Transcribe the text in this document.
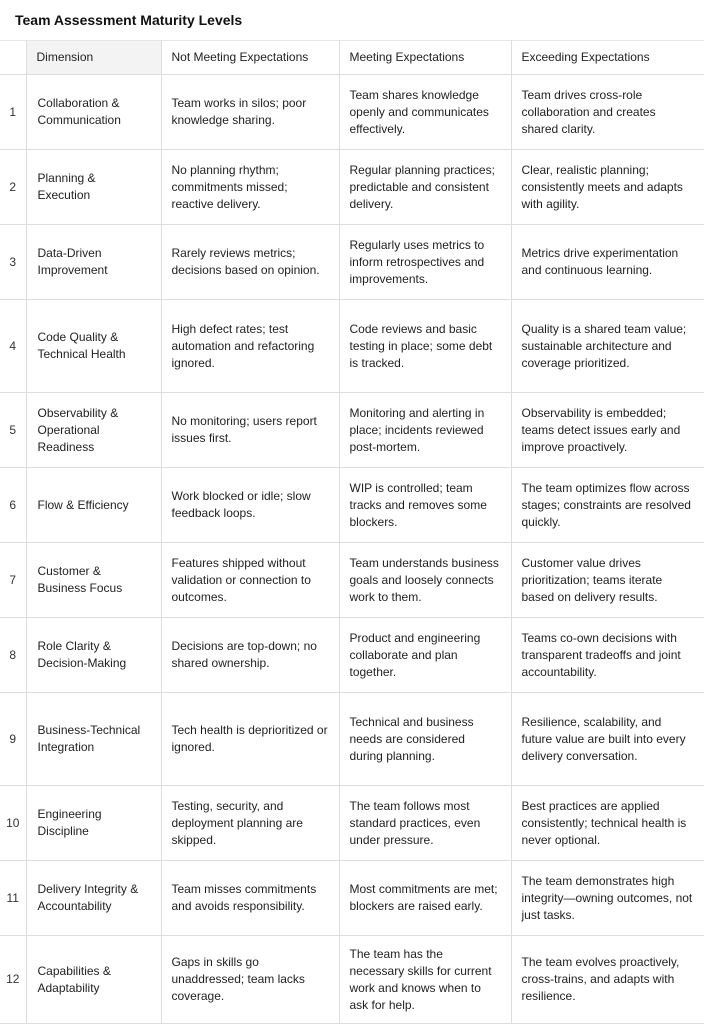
Team Assessment Maturity Levels
	Dimension	Not Meeting Expectations	Meeting Expectations	Exceeding Expectations
1	Collaboration & Communication	Team works in silos; poor knowledge sharing.	Team shares knowledge openly and communicates effectively.	Team drives cross-role collaboration and creates shared clarity.
2	Planning & Execution	No planning rhythm; commitments missed; reactive delivery.	Regular planning practices; predictable and consistent delivery.	Clear, realistic planning; consistently meets and adapts with agility.
3	Data-Driven Improvement	Rarely reviews metrics; decisions based on opinion.	Regularly uses metrics to inform retrospectives and improvements.	Metrics drive experimentation and continuous learning.
4	Code Quality & Technical Health	High defect rates; test automation and refactoring ignored.	Code reviews and basic testing in place; some debt is tracked.	Quality is a shared team value; sustainable architecture and coverage prioritized.
5	Observability & Operational Readiness	No monitoring; users report issues first.	Monitoring and alerting in place; incidents reviewed post-mortem.	Observability is embedded; teams detect issues early and improve proactively.
6	Flow & Efficiency	Work blocked or idle; slow feedback loops.	WIP is controlled; team tracks and removes some blockers.	The team optimizes flow across stages; constraints are resolved quickly.
7	Customer & Business Focus	Features shipped without validation or connection to outcomes.	Team understands business goals and loosely connects work to them.	Customer value drives prioritization; teams iterate based on delivery results.
8	Role Clarity & Decision-Making	Decisions are top-down; no shared ownership.	Product and engineering collaborate and plan together.	Teams co-own decisions with transparent tradeoffs and joint accountability.
9	Business-Technical Integration	Tech health is deprioritized or ignored.	Technical and business needs are considered during planning.	Resilience, scalability, and future value are built into every delivery conversation.
10	Engineering Discipline	Testing, security, and deployment planning are skipped.	The team follows most standard practices, even under pressure.	Best practices are applied consistently; technical health is never optional.
11	Delivery Integrity & Accountability	Team misses commitments and avoids responsibility.	Most commitments are met; blockers are raised early.	The team demonstrates high integrity—owning outcomes, not just tasks.
12	Capabilities & Adaptability	Gaps in skills go unaddressed; team lacks coverage.	The team has the necessary skills for current work and knows when to ask for help.	The team evolves proactively, cross-trains, and adapts with resilience.
